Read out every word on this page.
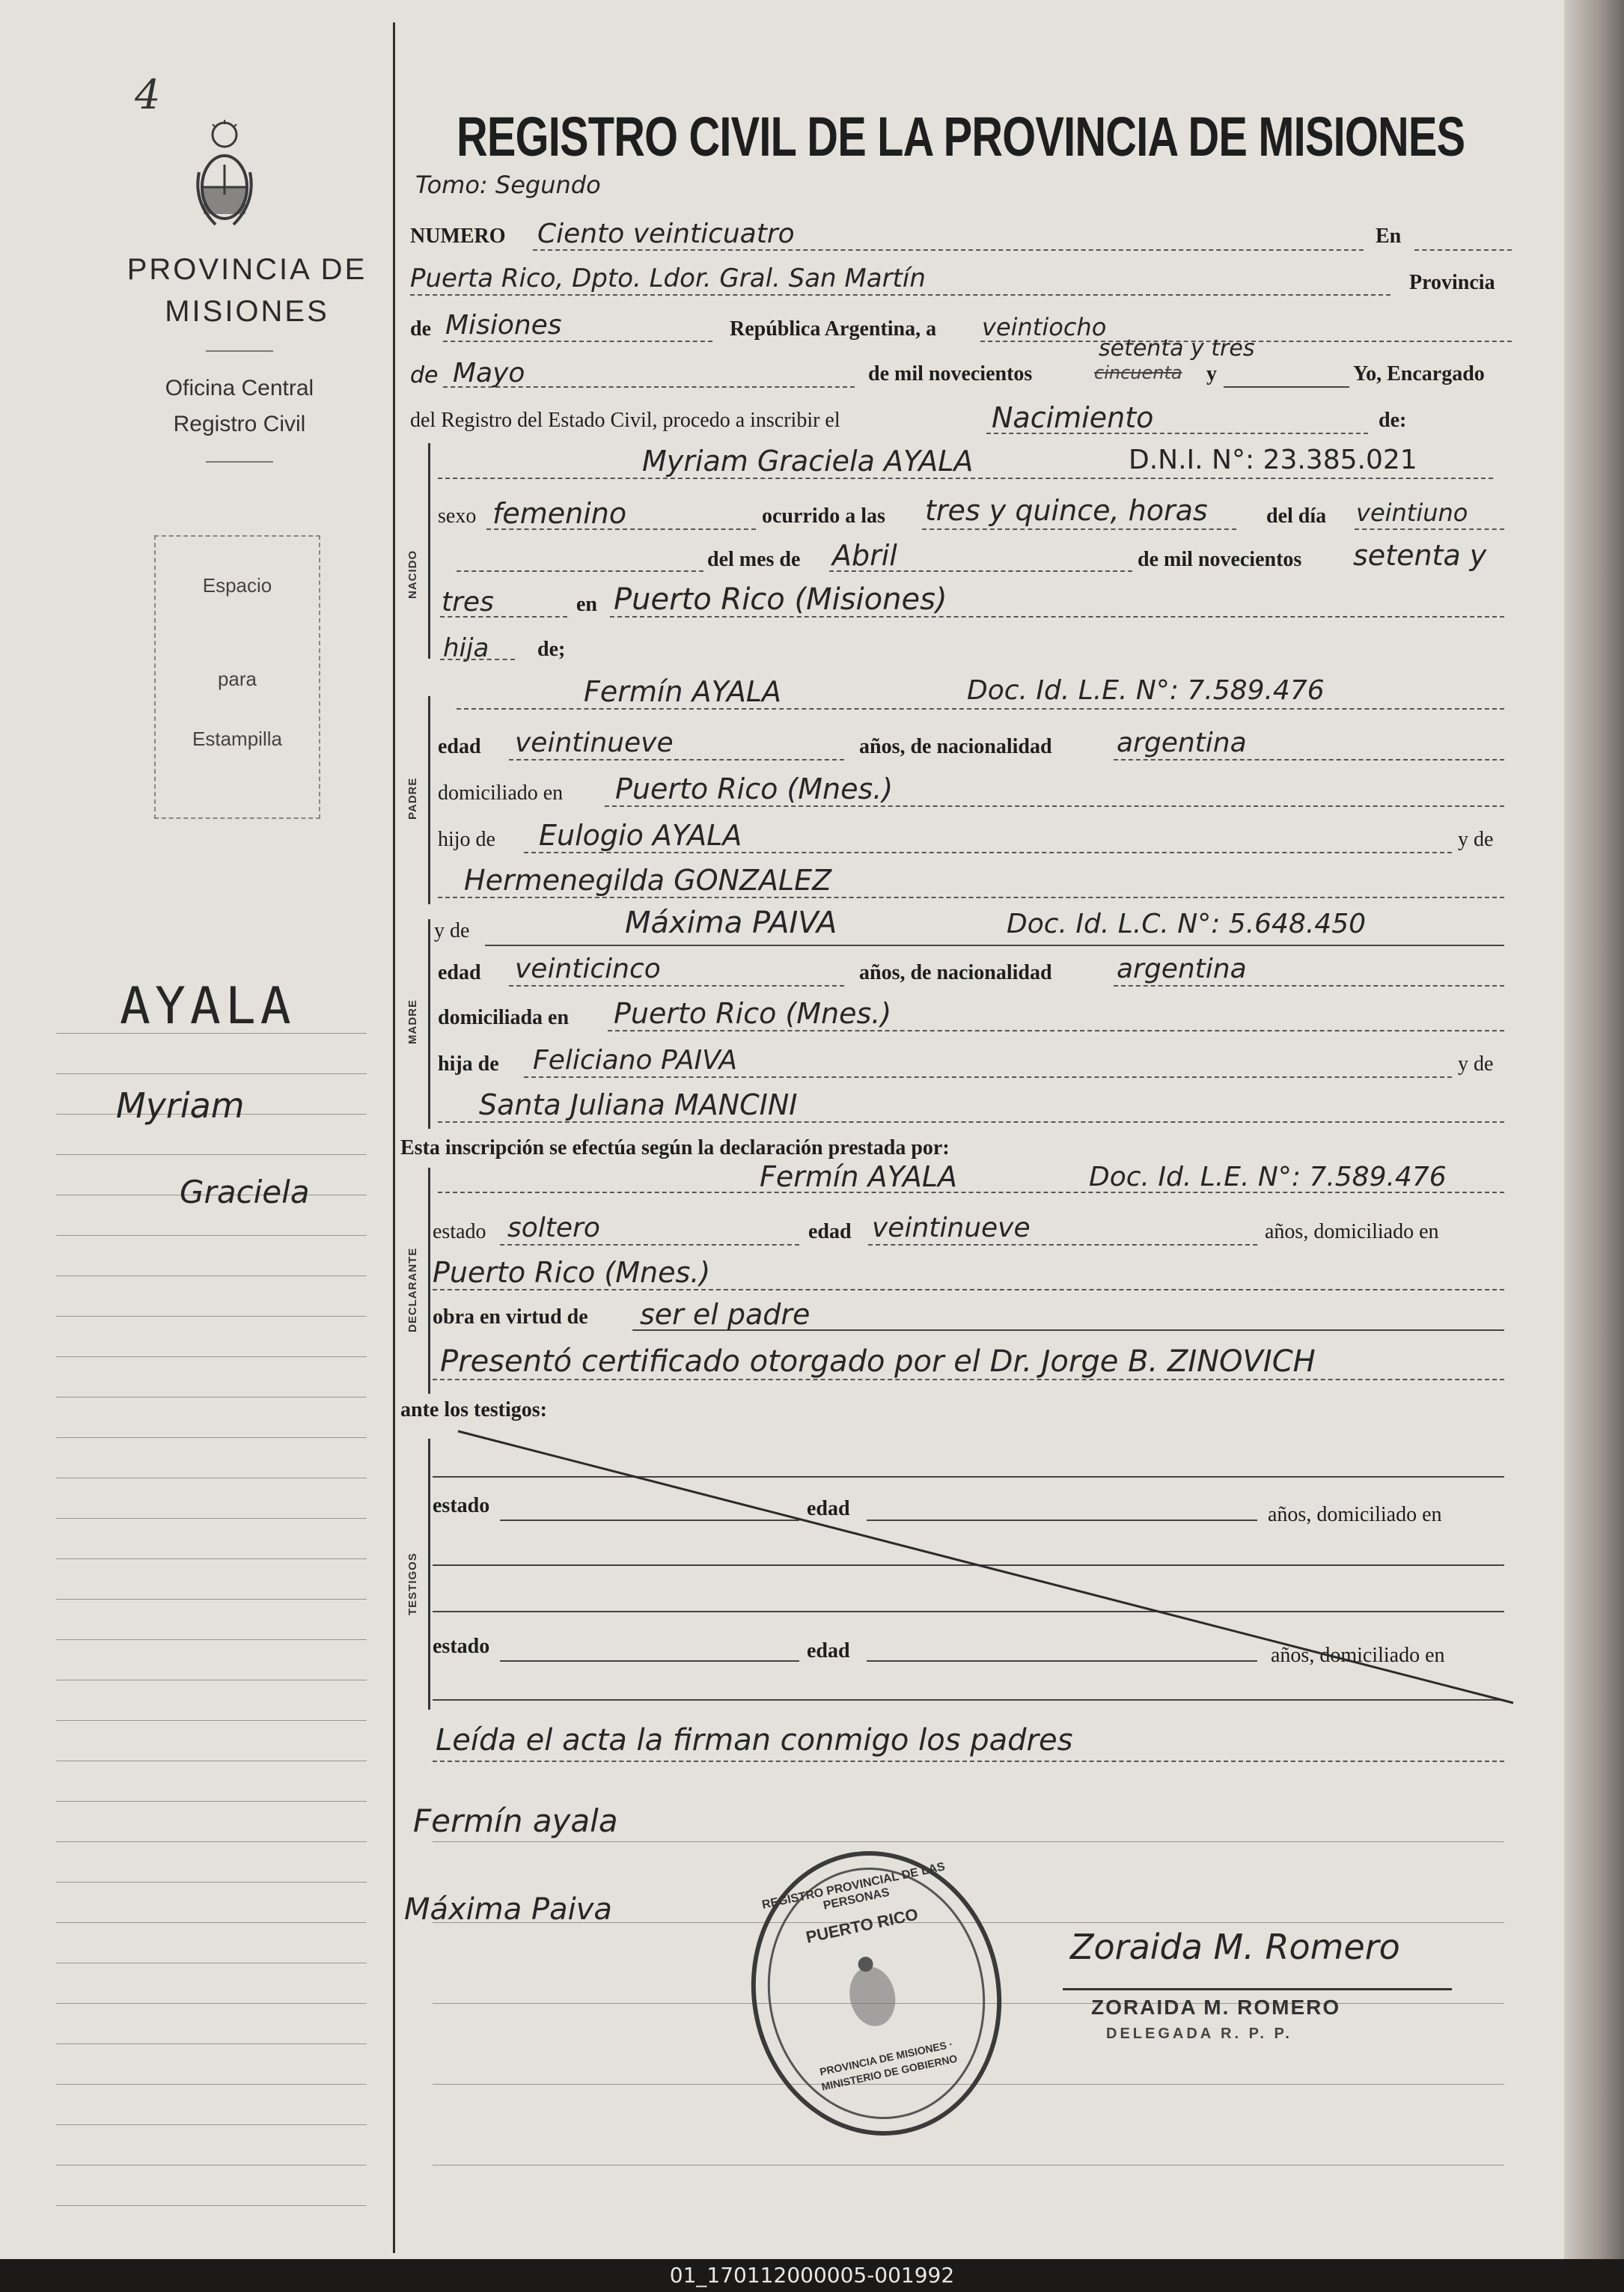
4
PROVINCIA DE MISIONES
Oficina Central
Registro Civil
Espacio
para
Estampilla
AYALA
Myriam
Graciela
REGISTRO CIVIL DE LA PROVINCIA DE MISIONES
Tomo: Segundo
NUMERO Ciento veinticuatro	En
Puerta Rico, Dpto. Ldor. Gral. San Martín	Provincia
de Misiones	República Argentina, a veintiocho
de Mayo	de mil novecientos	cincuenta
setenta y tres
y	Yo, Encargado
del Registro del Estado Civil, procedo a inscribir el	Nacimiento	de:
NACIDO
Myriam Graciela AYALA	D.N.I. N°: 23.385.021
sexo femenino	ocurrido a las tres y quince, horas	del día veintiuno
del mes de Abril	de mil novecientos setenta y
tres	en Puerto Rico (Misiones)
hija de;
PADRE
Fermín AYALA	Doc. Id. L.E. N°: 7.589.476
edad veintinueve	años, de nacionalidad argentina
domiciliado en Puerto Rico (Mnes.)
hijo de Eulogio AYALA	y de
Hermenegilda GONZALEZ
MADRE
y de	Máxima PAIVA	Doc. Id. L.C. N°: 5.648.450
edad veinticinco	años, de nacionalidad argentina
domiciliada en Puerto Rico (Mnes.)
hija de Feliciano PAIVA	y de
Santa Juliana MANCINI
Esta inscripción se efectúa según la declaración prestada por:
DECLARANTE
Fermín AYALA	Doc. Id. L.E. N°: 7.589.476
estado soltero	edad veintinueve	años, domiciliado en
Puerto Rico (Mnes.)
obra en virtud de ser el padre
Presentó certificado otorgado por el Dr. Jorge B. ZINOVICH
ante los testigos:
TESTIGOS
estado	edad	años, domiciliado en
estado	edad	años, domiciliado en
Leída el acta la firman conmigo los padres
Fermín ayala
Máxima Paiva	REGISTRO PROVINCIAL DE LAS PERSONAS
PUERTO RICO
PROVINCIA DE MISIONES · MINISTERIO DE GOBIERNO
Zoraida M. Romero
ZORAIDA M. ROMERO
DELEGADA R. P. P.
01_170112000005-001992
